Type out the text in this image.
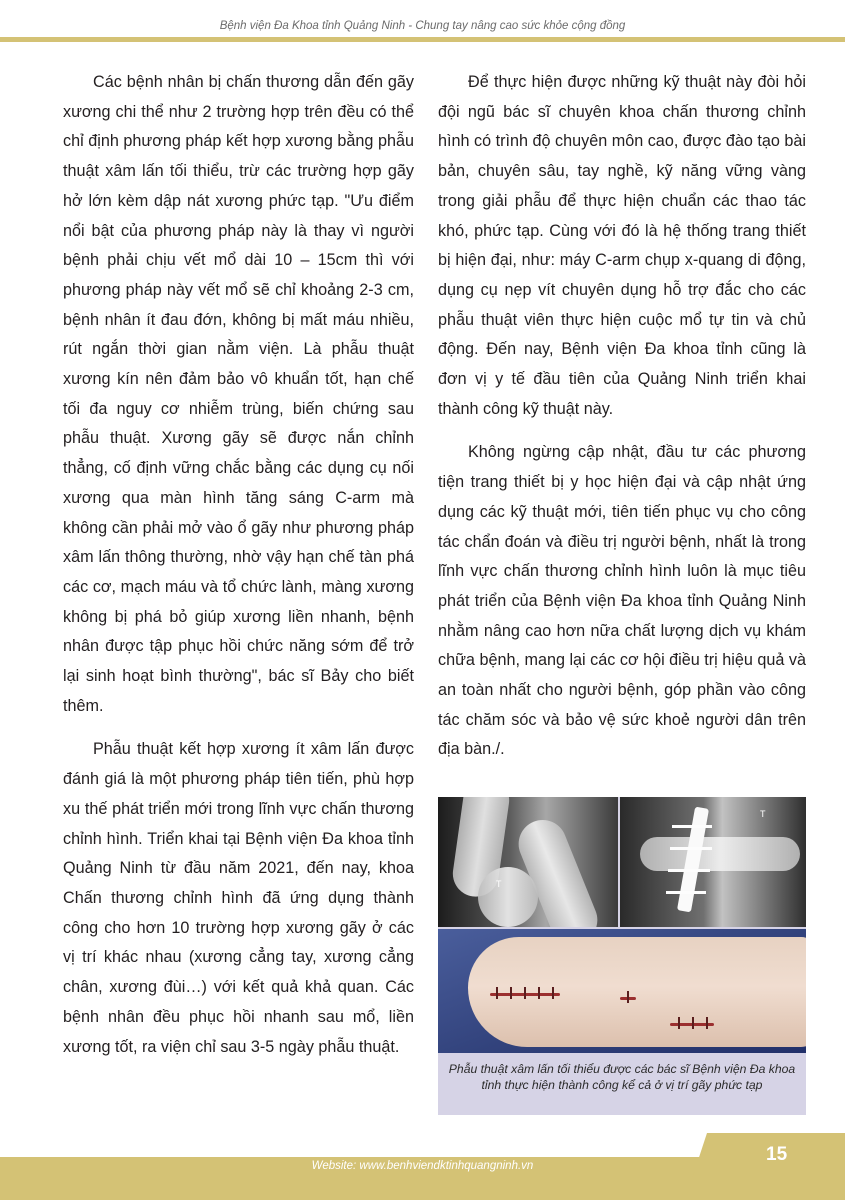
Bệnh viện Đa Khoa tỉnh Quảng Ninh - Chung tay nâng cao sức khỏe cộng đồng

Các bệnh nhân bị chấn thương dẫn đến gãy xương chi thể như 2 trường hợp trên đều có thể chỉ định phương pháp kết hợp xương bằng phẫu thuật xâm lấn tối thiểu, trừ các trường hợp gãy hở lớn kèm dập nát xương phức tạp. "Ưu điểm nổi bật của phương pháp này là thay vì người bệnh phải chịu vết mổ dài 10 – 15cm thì với phương pháp này vết mổ sẽ chỉ khoảng 2-3 cm, bệnh nhân ít đau đớn, không bị mất máu nhiều, rút ngắn thời gian nằm viện. Là phẫu thuật xương kín nên đảm bảo vô khuẩn tốt, hạn chế tối đa nguy cơ nhiễm trùng, biến chứng sau phẫu thuật. Xương gãy sẽ được nắn chỉnh thẳng, cố định vững chắc bằng các dụng cụ nối xương qua màn hình tăng sáng C-arm mà không cần phải mở vào ổ gãy như phương pháp xâm lấn thông thường, nhờ vậy hạn chế tàn phá các cơ, mạch máu và tổ chức lành, màng xương không bị phá bỏ giúp xương liền nhanh, bệnh nhân được tập phục hồi chức năng sớm để trở lại sinh hoạt bình thường", bác sĩ Bảy cho biết thêm.

Phẫu thuật kết hợp xương ít xâm lấn được đánh giá là một phương pháp tiên tiến, phù hợp xu thế phát triển mới trong lĩnh vực chấn thương chỉnh hình. Triển khai tại Bệnh viện Đa khoa tỉnh Quảng Ninh từ đầu năm 2021, đến nay, khoa Chấn thương chỉnh hình đã ứng dụng thành công cho hơn 10 trường hợp xương gãy ở các vị trí khác nhau (xương cẳng tay, xương cẳng chân, xương đùi…) với kết quả khả quan. Các bệnh nhân đều phục hồi nhanh sau mổ, liền xương tốt, ra viện chỉ sau 3-5 ngày phẫu thuật.

Để thực hiện được những kỹ thuật này đòi hỏi đội ngũ bác sĩ chuyên khoa chấn thương chỉnh hình có trình độ chuyên môn cao, được đào tạo bài bản, chuyên sâu, tay nghề, kỹ năng vững vàng trong giải phẫu để thực hiện chuẩn các thao tác khó, phức tạp. Cùng với đó là hệ thống trang thiết bị hiện đại, như: máy C-arm chụp x-quang di động, dụng cụ nẹp vít chuyên dụng hỗ trợ đắc cho các phẫu thuật viên thực hiện cuộc mổ tự tin và chủ động. Đến nay, Bệnh viện Đa khoa tỉnh cũng là đơn vị y tế đầu tiên của Quảng Ninh triển khai thành công kỹ thuật này.

Không ngừng cập nhật, đầu tư các phương tiện trang thiết bị y học hiện đại và cập nhật ứng dụng các kỹ thuật mới, tiên tiến phục vụ cho công tác chẩn đoán và điều trị người bệnh, nhất là trong lĩnh vực chấn thương chỉnh hình luôn là mục tiêu phát triển của Bệnh viện Đa khoa tỉnh Quảng Ninh nhằm nâng cao hơn nữa chất lượng dịch vụ khám chữa bệnh, mang lại các cơ hội điều trị hiệu quả và an toàn nhất cho người bệnh, góp phần vào công tác chăm sóc và bảo vệ sức khoẻ người dân trên địa bàn./.

T
T
Phẫu thuật xâm lấn tối thiểu được các bác sĩ Bệnh viện Đa khoa tỉnh thực hiện thành công kể cả ở vị trí gãy phức tạp
Website: www.benhviendktinhquangninh.vn
15
